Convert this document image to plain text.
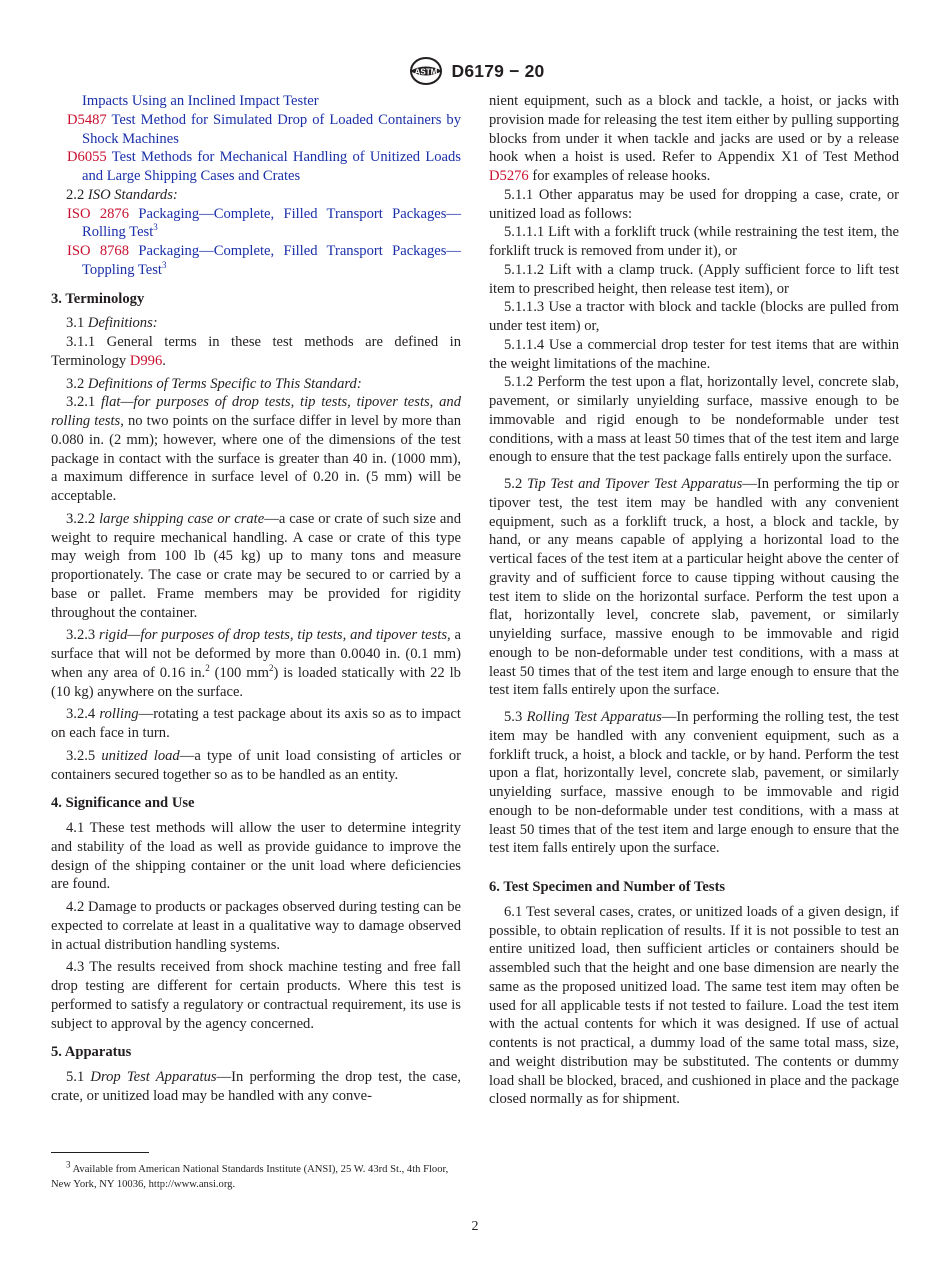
ASTM D6179 − 20

Impacts Using an Inclined Impact Tester

D5487 Test Method for Simulated Drop of Loaded Containers by Shock Machines

D6055 Test Methods for Mechanical Handling of Unitized Loads and Large Shipping Cases and Crates

2.2 ISO Standards:

ISO 2876 Packaging—Complete, Filled Transport Packages—Rolling Test$^3$

ISO 8768 Packaging—Complete, Filled Transport Packages—Toppling Test$^3$

3. Terminology

3.1 Definitions:

3.1.1 General terms in these test methods are defined in Terminology D996.

3.2 Definitions of Terms Specific to This Standard:

3.2.1 flat—for purposes of drop tests, tip tests, tipover tests, and rolling tests, no two points on the surface differ in level by more than 0.080 in. (2 mm); however, where one of the dimensions of the test package in contact with the surface is greater than 40 in. (1000 mm), a maximum difference in surface level of 0.20 in. (5 mm) will be acceptable.

3.2.2 large shipping case or crate—a case or crate of such size and weight to require mechanical handling. A case or crate of this type may weigh from 100 lb (45 kg) up to many tons and measure proportionately. The case or crate may be secured to or carried by a base or pallet. Frame members may be provided for rigidity throughout the container.

3.2.3 rigid—for purposes of drop tests, tip tests, and tipover tests, a surface that will not be deformed by more than 0.0040 in. (0.1 mm) when any area of 0.16 in.$^2$ (100 $mm^2$) is loaded statically with 22 lb (10 kg) anywhere on the surface.

3.2.4 rolling—rotating a test package about its axis so as to impact on each face in turn.

3.2.5 unitized load—a type of unit load consisting of articles or containers secured together so as to be handled as an entity.

4. Significance and Use

4.1 These test methods will allow the user to determine integrity and stability of the load as well as provide guidance to improve the design of the shipping container or the unit load where deficiencies are found.

4.2 Damage to products or packages observed during testing can be expected to correlate at least in a qualitative way to damage observed in actual distribution handling systems.

4.3 The results received from shock machine testing and free fall drop testing are different for certain products. Where this test is performed to satisfy a regulatory or contractual requirement, its use is subject to approval by the agency concerned.

5. Apparatus

5.1 Drop Test Apparatus—In performing the drop test, the case, crate, or unitized load may be handled with any conve-

$^3$ Available from American National Standards Institute (ANSI), 25 W. 43rd St., 4th Floor, New York, NY 10036, http://www.ansi.org.

nient equipment, such as a block and tackle, a hoist, or jacks with provision made for releasing the test item either by pulling supporting blocks from under it when tackle and jacks are used or by a release hook when a hoist is used. Refer to Appendix X1 of Test Method D5276 for examples of release hooks.

5.1.1 Other apparatus may be used for dropping a case, crate, or unitized load as follows:

5.1.1.1 Lift with a forklift truck (while restraining the test item, the forklift truck is removed from under it), or

5.1.1.2 Lift with a clamp truck. (Apply sufficient force to lift test item to prescribed height, then release test item), or

5.1.1.3 Use a tractor with block and tackle (blocks are pulled from under test item) or,

5.1.1.4 Use a commercial drop tester for test items that are within the weight limitations of the machine.

5.1.2 Perform the test upon a flat, horizontally level, concrete slab, pavement, or similarly unyielding surface, massive enough to be immovable and rigid enough to be nondeformable under test conditions, with a mass at least 50 times that of the test item and large enough to ensure that the test package falls entirely upon the surface.

5.2 Tip Test and Tipover Test Apparatus—In performing the tip or tipover test, the test item may be handled with any convenient equipment, such as a forklift truck, a host, a block and tackle, by hand, or any means capable of applying a horizontal load to the vertical faces of the test item at a particular height above the center of gravity and of sufficient force to cause tipping without causing the test item to slide on the horizontal surface. Perform the test upon a flat, horizontally level, concrete slab, pavement, or similarly unyielding surface, massive enough to be immovable and rigid enough to be non-deformable under test conditions, with a mass at least 50 times that of the test item and large enough to ensure that the test item falls entirely upon the surface.

5.3 Rolling Test Apparatus—In performing the rolling test, the test item may be handled with any convenient equipment, such as a forklift truck, a hoist, a block and tackle, or by hand. Perform the test upon a flat, horizontally level, concrete slab, pavement, or similarly unyielding surface, massive enough to be immovable and rigid enough to be non-deformable under test conditions, with a mass at least 50 times that of the test item and large enough to ensure that the test item falls entirely upon the surface.

6. Test Specimen and Number of Tests

6.1 Test several cases, crates, or unitized loads of a given design, if possible, to obtain replication of results. If it is not possible to test an entire unitized load, then sufficient articles or containers should be assembled such that the height and one base dimension are nearly the same as the proposed unitized load. The same test item may often be used for all applicable tests if not tested to failure. Load the test item with the actual contents for which it was designed. If use of actual contents is not practical, a dummy load of the same total mass, size, and weight distribution may be substituted. The contents or dummy load shall be blocked, braced, and cushioned in place and the package closed normally as for shipment.

2
